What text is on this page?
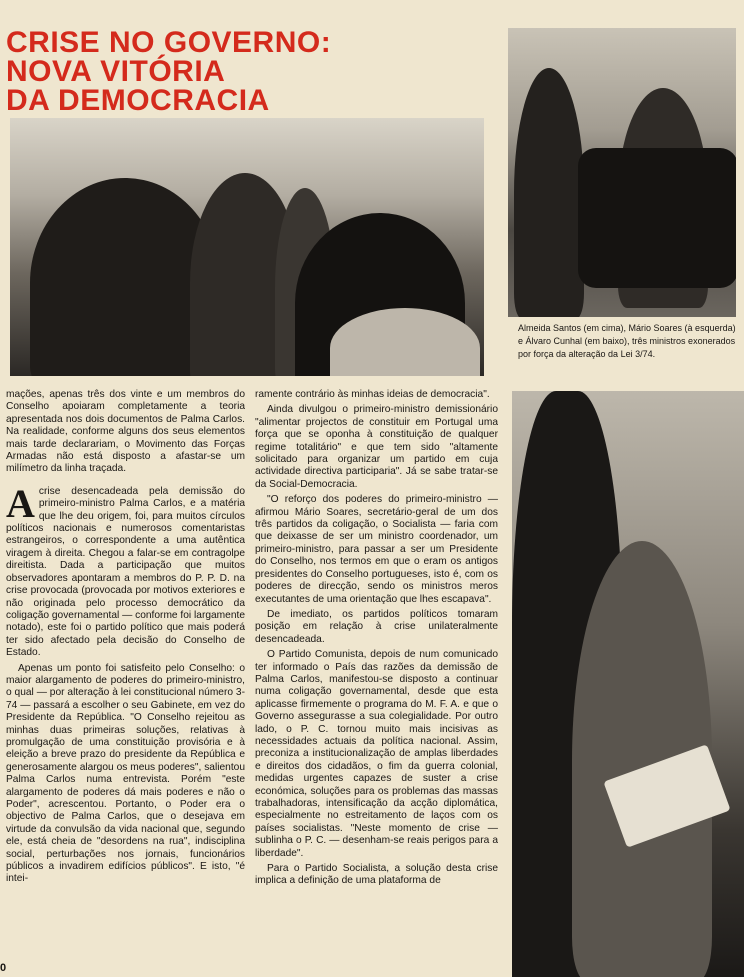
CRISE NO GOVERNO:
NOVA VITÓRIA
DA DEMOCRACIA

Almeida Santos (em cima), Mário Soares (à esquerda) e Álvaro Cunhal (em baixo), três ministros exonerados por força da alteração da Lei 3/74.

mações, apenas três dos vinte e um membros do Conselho apoiaram completamente a teoria apresentada nos dois documentos de Palma Carlos. Na realidade, conforme alguns dos seus elementos mais tarde declarariam, o Movimento das Forças Armadas não está disposto a afastar-se um milímetro da linha traçada.

Acrise desencadeada pela demissão do primeiro-ministro Palma Carlos, e a matéria que lhe deu origem, foi, para muitos círculos políticos nacionais e numerosos comentaristas estrangeiros, o correspondente a uma autêntica viragem à direita. Chegou a falar-se em contragolpe direitista. Dada a participação que muitos observadores apontaram a membros do P. P. D. na crise provocada (provocada por motivos exteriores e não originada pelo processo democrático da coligação governamental — conforme foi largamente notado), este foi o partido político que mais poderá ter sido afectado pela decisão do Conselho de Estado.

Apenas um ponto foi satisfeito pelo Conselho: o maior alargamento de poderes do primeiro-ministro, o qual — por alteração à lei constitucional número 3-74 — passará a escolher o seu Gabinete, em vez do Presidente da República. "O Conselho rejeitou as minhas duas primeiras soluções, relativas à promulgação de uma constituição provisória e à eleição a breve prazo do presidente da República e generosamente alargou os meus poderes", salientou Palma Carlos numa entrevista. Porém "este alargamento de poderes dá mais poderes e não o Poder", acrescentou. Portanto, o Poder era o objectivo de Palma Carlos, que o desejava em virtude da convulsão da vida nacional que, segundo ele, está cheia de "desordens na rua", indisciplina social, perturbações nos jornais, funcionários públicos a invadirem edifícios públicos". E isto, "é intei-

ramente contrário às minhas ideias de democracia".

Ainda divulgou o primeiro-ministro demissionário "alimentar projectos de constituir em Portugal uma força que se oponha à constituição de qualquer regime totalitário" e que tem sido "altamente solicitado para organizar um partido em cuja actividade directiva participaria". Já se sabe tratar-se da Social-Democracia.

"O reforço dos poderes do primeiro-ministro — afirmou Mário Soares, secretário-geral de um dos três partidos da coligação, o Socialista — faria com que deixasse de ser um ministro coordenador, um primeiro-ministro, para passar a ser um Presidente do Conselho, nos termos em que o eram os antigos presidentes do Conselho portugueses, isto é, com os poderes de direcção, sendo os ministros meros executantes de uma orientação que lhes escapava".

De imediato, os partidos políticos tomaram posição em relação à crise unilateralmente desencadeada.

O Partido Comunista, depois de num comunicado ter informado o País das razões da demissão de Palma Carlos, manifestou-se disposto a continuar numa coligação governamental, desde que esta aplicasse firmemente o programa do M. F. A. e que o Governo assegurasse a sua colegialidade. Por outro lado, o P. C. tornou muito mais incisivas as necessidades actuais da política nacional. Assim, preconiza a institucionalização de amplas liberdades e direitos dos cidadãos, o fim da guerra colonial, medidas urgentes capazes de suster a crise económica, soluções para os problemas das massas trabalhadoras, intensificação da acção diplomática, especialmente no estreitamento de laços com os países socialistas. "Neste momento de crise — sublinha o P. C. — desenham-se reais perigos para a liberdade".

Para o Partido Socialista, a solução desta crise implica a definição de uma plataforma de

0
